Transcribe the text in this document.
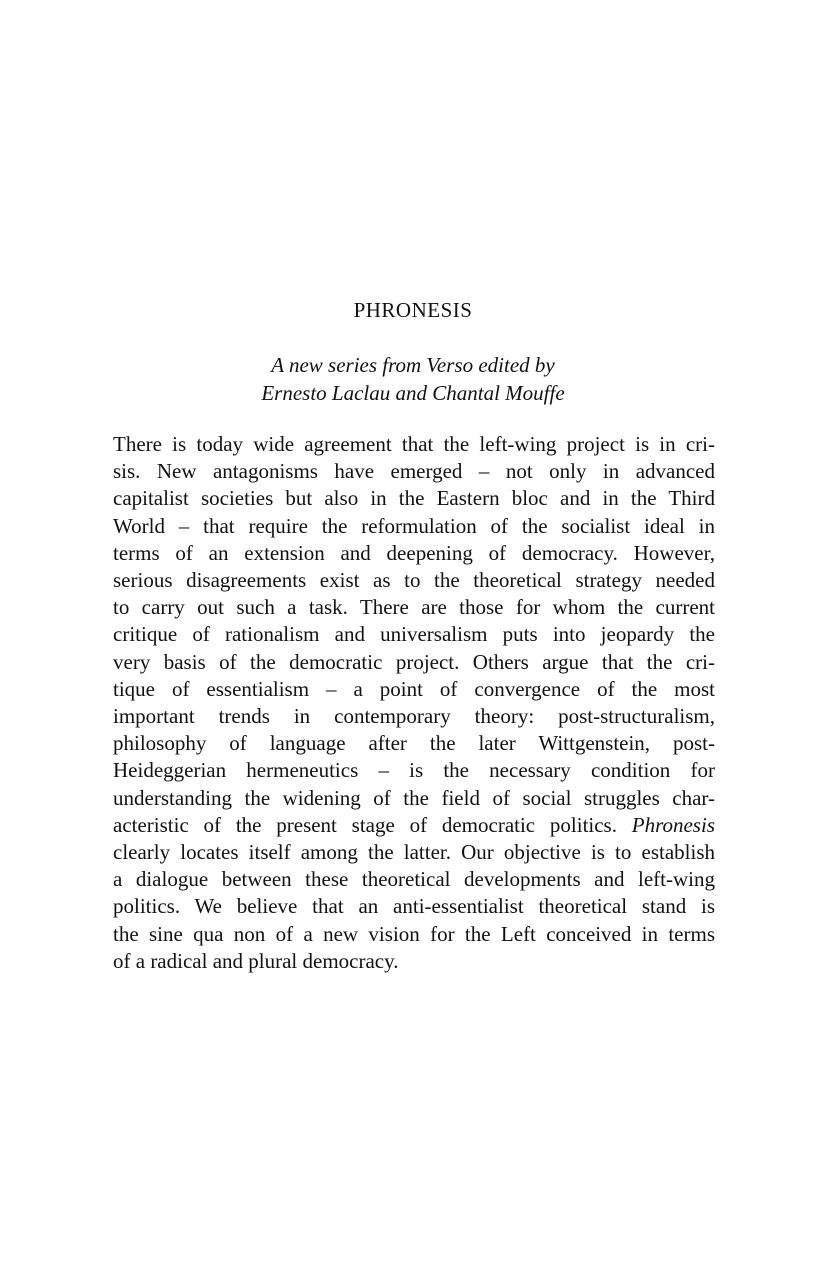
PHRONESIS
A new series from Verso edited by
Ernesto Laclau and Chantal Mouffe
There is today wide agreement that the left-wing project is in cri-
sis. New antagonisms have emerged – not only in advanced
capitalist societies but also in the Eastern bloc and in the Third
World – that require the reformulation of the socialist ideal in
terms of an extension and deepening of democracy. However,
serious disagreements exist as to the theoretical strategy needed
to carry out such a task. There are those for whom the current
critique of rationalism and universalism puts into jeopardy the
very basis of the democratic project. Others argue that the cri-
tique of essentialism – a point of convergence of the most
important trends in contemporary theory: post-structuralism,
philosophy of language after the later Wittgenstein, post-
Heideggerian hermeneutics – is the necessary condition for
understanding the widening of the field of social struggles char-
acteristic of the present stage of democratic politics. Phronesis
clearly locates itself among the latter. Our objective is to establish
a dialogue between these theoretical developments and left-wing
politics. We believe that an anti-essentialist theoretical stand is
the sine qua non of a new vision for the Left conceived in terms
of a radical and plural democracy.
